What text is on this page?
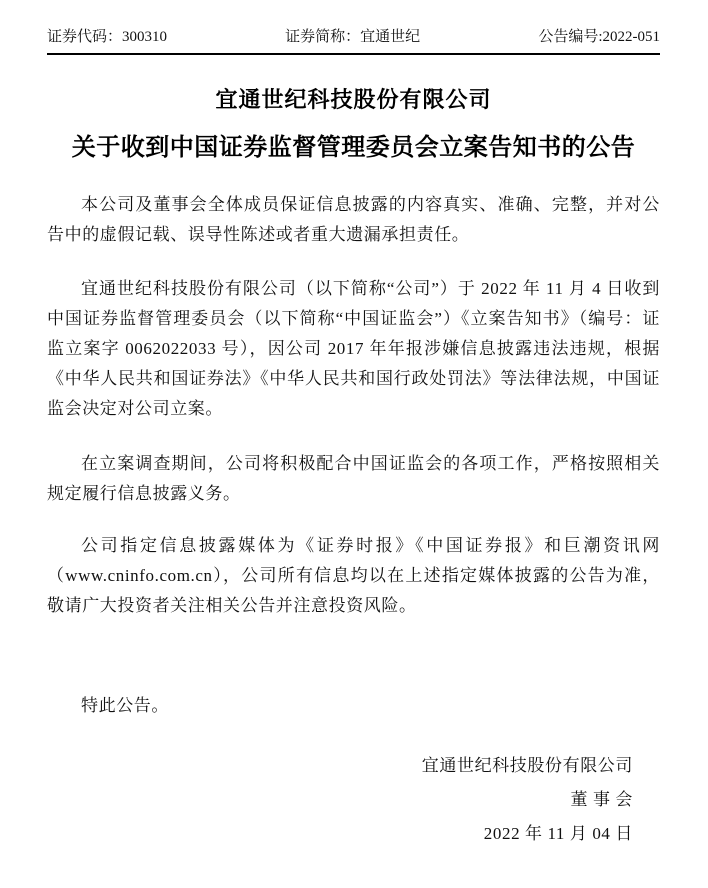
证券代码：300310	证券简称：宜通世纪	公告编号:2022-051
宜通世纪科技股份有限公司
关于收到中国证券监督管理委员会立案告知书的公告

本公司及董事会全体成员保证信息披露的内容真实、准确、完整，并对公告中的虚假记载、误导性陈述或者重大遗漏承担责任。

宜通世纪科技股份有限公司（以下简称“公司”）于 2022 年 11 月 4 日收到中国证券监督管理委员会（以下简称“中国证监会”）《立案告知书》（编号：证监立案字 0062022033 号），因公司 2017 年年报涉嫌信息披露违法违规，根据《中华人民共和国证券法》《中华人民共和国行政处罚法》等法律法规，中国证监会决定对公司立案。

在立案调查期间，公司将积极配合中国证监会的各项工作，严格按照相关规定履行信息披露义务。

公司指定信息披露媒体为《证券时报》《中国证券报》和巨潮资讯网（www.cninfo.com.cn），公司所有信息均以在上述指定媒体披露的公告为准，敬请广大投资者关注相关公告并注意投资风险。

特此公告。

宜通世纪科技股份有限公司
董 事 会
2022 年 11 月 04 日
